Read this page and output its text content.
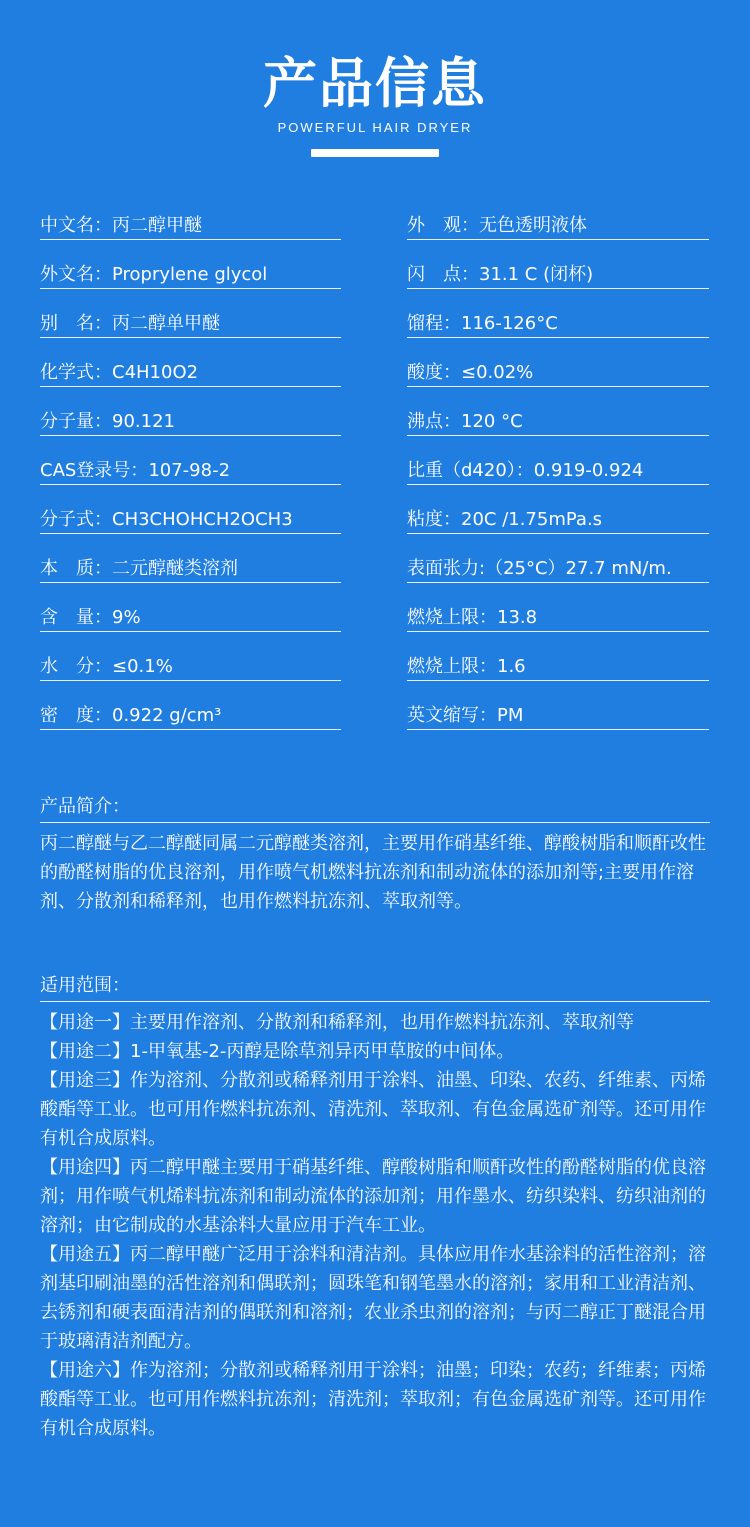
产品信息
POWERFUL HAIR DRYER
中文名： 丙二醇甲醚
外文名： Proprylene glycol
别　名： 丙二醇单甲醚
化学式： C4H10O2
分子量： 90.121
CAS登录号： 107-98-2
分子式： CH3CHOHCH2OCH3
本　质： 二元醇醚类溶剂
含　量： 9%
水　分： ≤0.1%
密　度： 0.922 g/cm³
外　观： 无色透明液体
闪　点： 31.1 C (闭杯)
馏程： 116-126°C
酸度： ≤0.02%
沸点： 120 °C
比重（d420）： 0.919-0.924
粘度： 20C /1.75mPa.s
表面张力:（25°C） 27.7 mN/m.
燃烧上限： 13.8
燃烧上限： 1.6
英文缩写： PM
产品简介：
丙二醇醚与乙二醇醚同属二元醇醚类溶剂，主要用作硝基纤维、醇酸树脂和顺酐改性的酚醛树脂的优良溶剂，用作喷气机燃料抗冻剂和制动流体的添加剂等;主要用作溶剂、分散剂和稀释剂，也用作燃料抗冻剂、萃取剂等。
适用范围：

【用途一】主要用作溶剂、分散剂和稀释剂，也用作燃料抗冻剂、萃取剂等

【用途二】1-甲氧基-2-丙醇是除草剂异丙甲草胺的中间体。

【用途三】作为溶剂、分散剂或稀释剂用于涂料、油墨、印染、农药、纤维素、丙烯酸酯等工业。也可用作燃料抗冻剂、清洗剂、萃取剂、有色金属选矿剂等。还可用作有机合成原料。

【用途四】丙二醇甲醚主要用于硝基纤维、醇酸树脂和顺酐改性的酚醛树脂的优良溶剂；用作喷气机烯料抗冻剂和制动流体的添加剂；用作墨水、纺织染料、纺织油剂的溶剂；由它制成的水基涂料大量应用于汽车工业。

【用途五】丙二醇甲醚广泛用于涂料和清洁剂。具体应用作水基涂料的活性溶剂；溶剂基印刷油墨的活性溶剂和偶联剂；圆珠笔和钢笔墨水的溶剂；家用和工业清洁剂、去锈剂和硬表面清洁剂的偶联剂和溶剂；农业杀虫剂的溶剂；与丙二醇正丁醚混合用于玻璃清洁剂配方。

【用途六】作为溶剂；分散剂或稀释剂用于涂料；油墨；印染；农药；纤维素；丙烯酸酯等工业。也可用作燃料抗冻剂；清洗剂；萃取剂；有色金属选矿剂等。还可用作有机合成原料。
